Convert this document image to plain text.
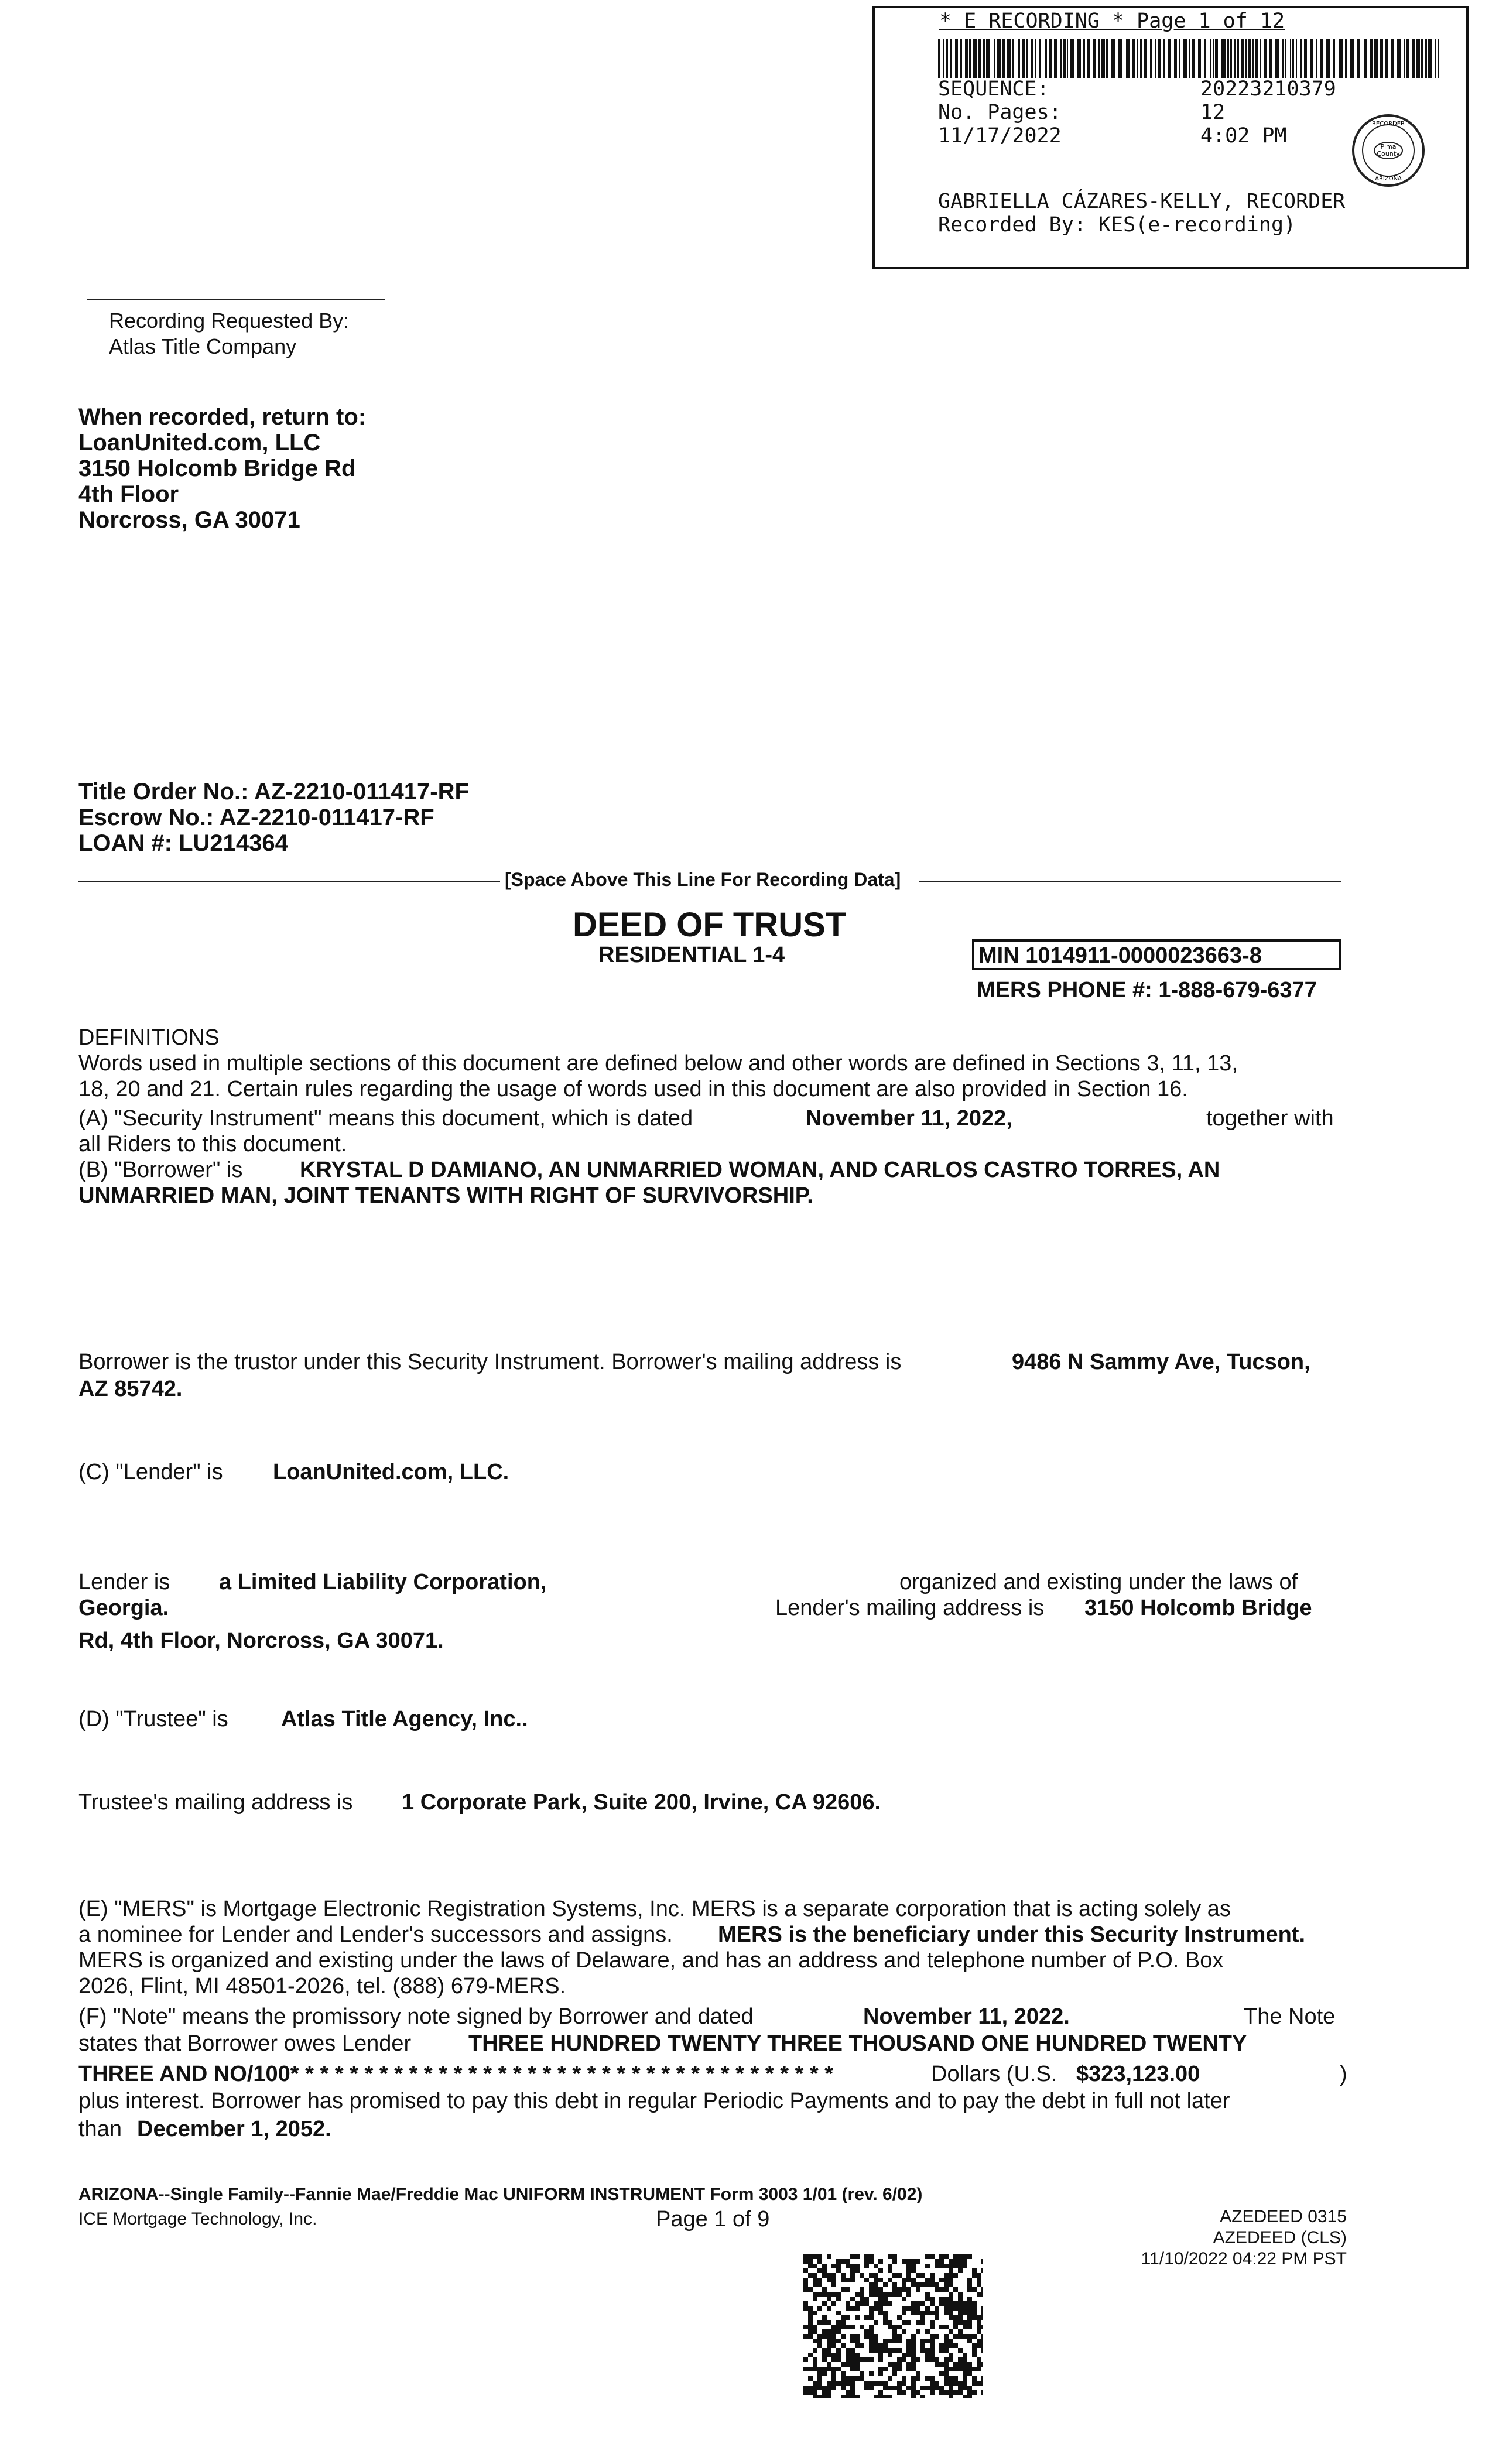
* E RECORDING * Page 1 of 12
SEQUENCE:	20223210379
No. Pages:	12
11/17/2022	4:02 PM	Pima
County
RECORDER
ARIZONA
GABRIELLA CÁZARES-KELLY, RECORDER
Recorded By: KES(e-recording)
Recording Requested By:
Atlas Title Company
When recorded, return to:
LoanUnited.com, LLC
3150 Holcomb Bridge Rd
4th Floor
Norcross, GA 30071
Title Order No.: AZ-2210-011417-RF
Escrow No.: AZ-2210-011417-RF
LOAN #: LU214364
[Space Above This Line For Recording Data]
DEED OF TRUST
RESIDENTIAL 1-4	MIN 1014911-0000023663-8
MERS PHONE #: 1-888-679-6377
DEFINITIONS
Words used in multiple sections of this document are defined below and other words are defined in Sections 3, 11, 13,
18, 20 and 21. Certain rules regarding the usage of words used in this document are also provided in Section 16.
(A) "Security Instrument" means this document, which is dated	November 11, 2022,	together with
all Riders to this document.
(B) "Borrower" is	KRYSTAL D DAMIANO, AN UNMARRIED WOMAN, AND CARLOS CASTRO TORRES, AN
UNMARRIED MAN, JOINT TENANTS WITH RIGHT OF SURVIVORSHIP.
Borrower is the trustor under this Security Instrument. Borrower's mailing address is	9486 N Sammy Ave, Tucson,
AZ 85742.
(C) "Lender" is LoanUnited.com, LLC.
Lender is a Limited Liability Corporation,	organized and existing under the laws of
Georgia.	Lender's mailing address is 3150 Holcomb Bridge
Rd, 4th Floor, Norcross, GA 30071.
(D) "Trustee" is Atlas Title Agency, Inc..
Trustee's mailing address is 1 Corporate Park, Suite 200, Irvine, CA 92606.
(E) "MERS" is Mortgage Electronic Registration Systems, Inc. MERS is a separate corporation that is acting solely as
a nominee for Lender and Lender's successors and assigns. MERS is the beneficiary under this Security Instrument.
MERS is organized and existing under the laws of Delaware, and has an address and telephone number of P.O. Box
2026, Flint, MI 48501-2026, tel. (888) 679-MERS.
(F) "Note" means the promissory note signed by Borrower and dated	November 11, 2022.	The Note
states that Borrower owes Lender	THREE HUNDRED TWENTY THREE THOUSAND ONE HUNDRED TWENTY
THREE AND NO/100* * * * * * * * * * * * * * * * * * * * * * * * * * * * * * * * * * * * *	Dollars (U.S. $323,123.00	)
plus interest. Borrower has promised to pay this debt in regular Periodic Payments and to pay the debt in full not later
than December 1, 2052.
ARIZONA--Single Family--Fannie Mae/Freddie Mac UNIFORM INSTRUMENT Form 3003 1/01 (rev. 6/02)
ICE Mortgage Technology, Inc.	Page 1 of 9	AZEDEED 0315
AZEDEED (CLS)
11/10/2022 04:22 PM PST
